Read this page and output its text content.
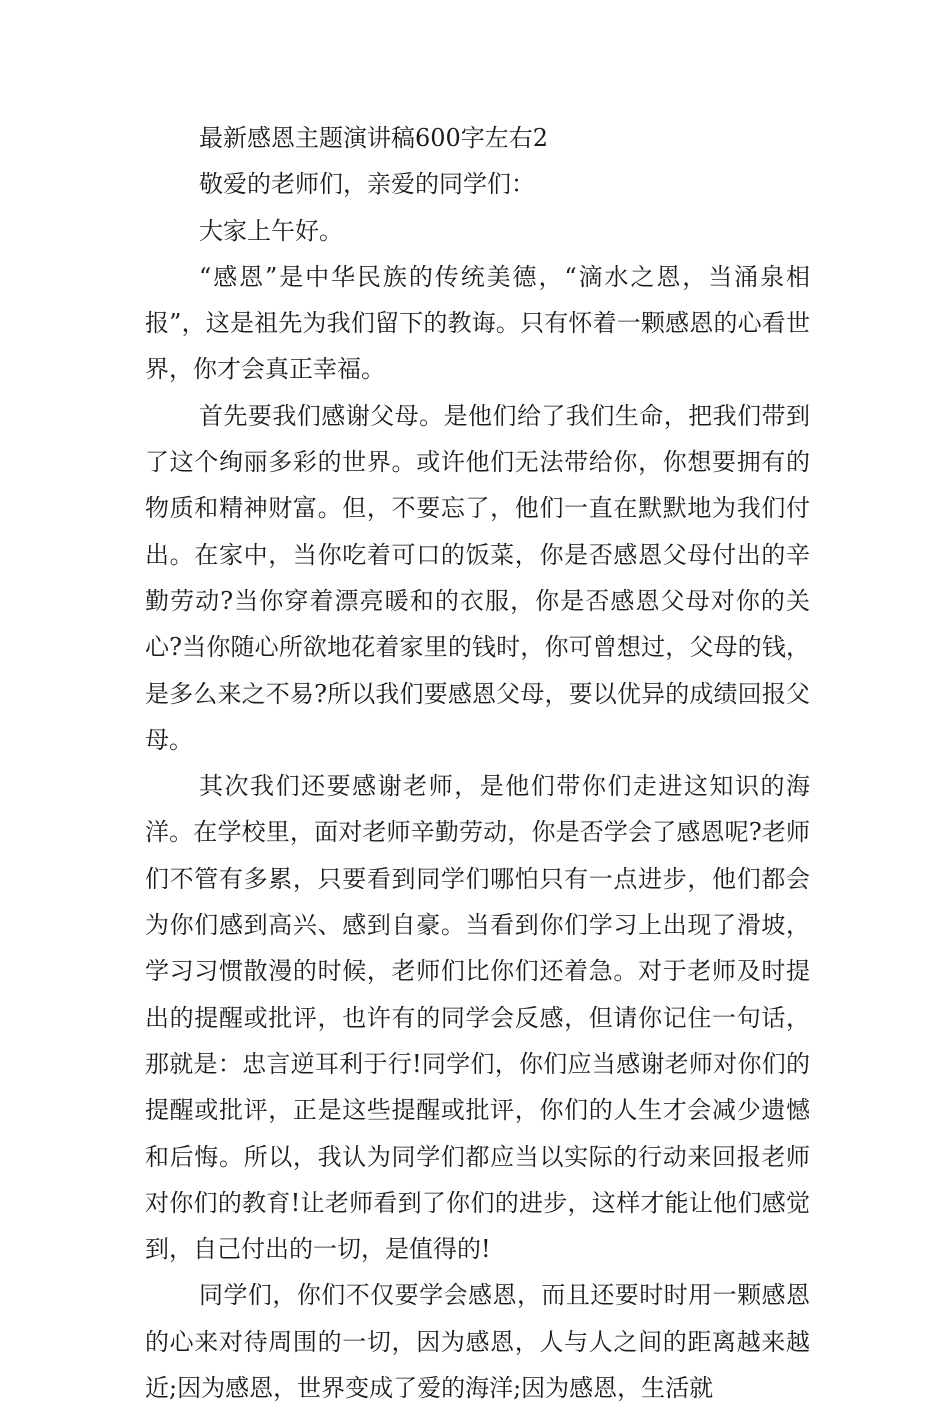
最新感恩主题演讲稿600字左右2

敬爱的老师们，亲爱的同学们：

大家上午好。

“感恩”是中华民族的传统美德，“滴水之恩，当涌泉相报”，这是祖先为我们留下的教诲。只有怀着一颗感恩的心看世界，你才会真正幸福。

首先要我们感谢父母。是他们给了我们生命，把我们带到了这个绚丽多彩的世界。或许他们无法带给你，你想要拥有的物质和精神财富。但，不要忘了，他们一直在默默地为我们付出。在家中，当你吃着可口的饭菜，你是否感恩父母付出的辛勤劳动?当你穿着漂亮暖和的衣服，你是否感恩父母对你的关心?当你随心所欲地花着家里的钱时，你可曾想过，父母的钱，是多么来之不易?所以我们要感恩父母，要以优异的成绩回报父母。

其次我们还要感谢老师，是他们带你们走进这知识的海洋。在学校里，面对老师辛勤劳动，你是否学会了感恩呢?老师们不管有多累，只要看到同学们哪怕只有一点进步，他们都会为你们感到高兴、感到自豪。当看到你们学习上出现了滑坡，学习习惯散漫的时候，老师们比你们还着急。对于老师及时提出的提醒或批评，也许有的同学会反感，但请你记住一句话，那就是：忠言逆耳利于行!同学们，你们应当感谢老师对你们的提醒或批评，正是这些提醒或批评，你们的人生才会减少遗憾和后悔。所以，我认为同学们都应当以实际的行动来回报老师对你们的教育!让老师看到了你们的进步，这样才能让他们感觉到，自己付出的一切，是值得的!

同学们，你们不仅要学会感恩，而且还要时时用一颗感恩的心来对待周围的一切，因为感恩，人与人之间的距离越来越近;因为感恩，世界变成了爱的海洋;因为感恩，生活就
